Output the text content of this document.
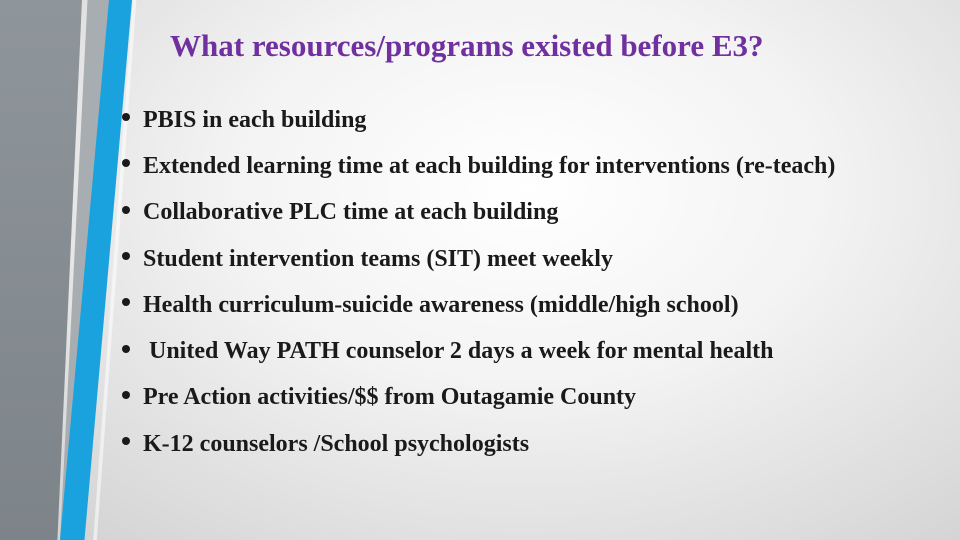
What resources/programs existed before E3?
PBIS in each building
Extended learning time at each building for interventions (re-teach)
Collaborative PLC time at each building
Student intervention teams (SIT) meet weekly
Health curriculum-suicide awareness (middle/high school)
United Way PATH counselor 2 days a week for mental health
Pre Action activities/$$ from Outagamie County
K-12 counselors /School psychologists
